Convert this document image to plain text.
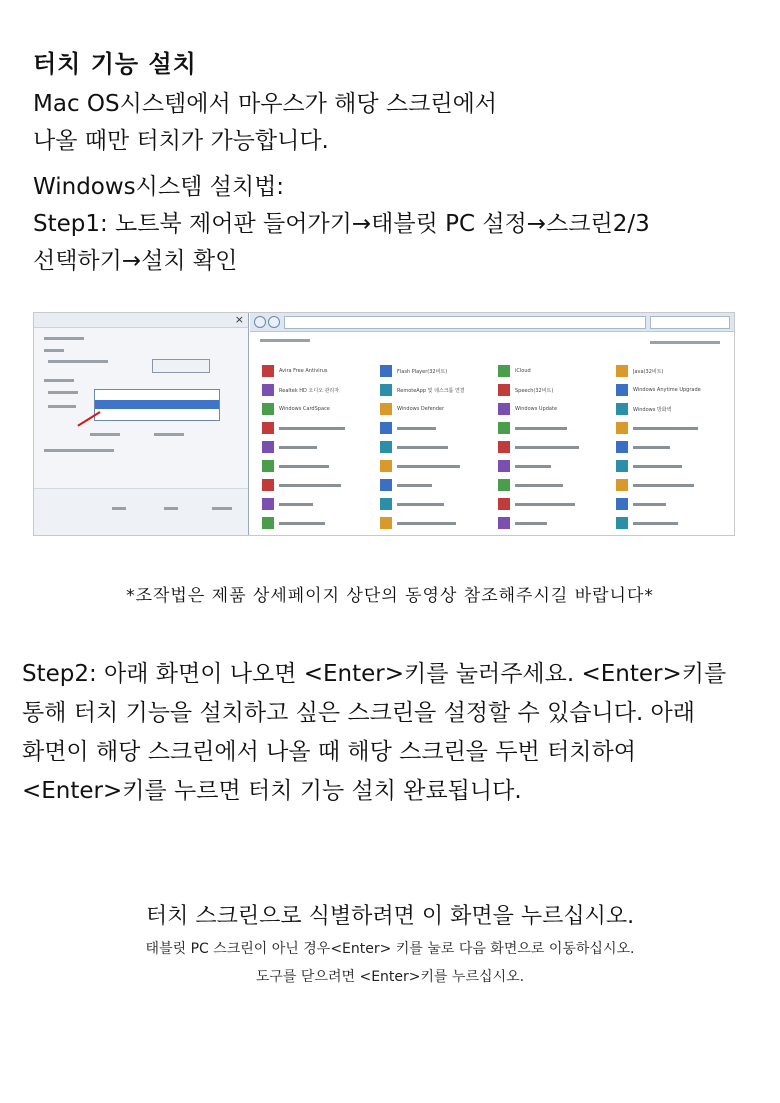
터치 기능 설치
Mac OS시스템에서 마우스가 해당 스크린에서
나올 때만 터치가 가능합니다.
Windows시스템 설치법:
Step1: 노트북 제어판 들어가기→태블릿 PC 설정→스크린2/3
선택하기→설치 확인
×
Avira Free Antivirus	Flash Player(32비트)	iCloud	Java(32비트)
Realtek HD 오디오 관리자	RemoteApp 및 데스크톱 연결	Speech(32비트)	Windows Anytime Upgrade
Windows CardSpace	Windows Defender	Windows Update	Windows 방화벽
*조작법은 제품 상세페이지 상단의 동영상 참조해주시길 바랍니다*
Step2: 아래 화면이 나오면 <Enter>키를 눌러주세요. <Enter>키를
통해 터치 기능을 설치하고 싶은 스크린을 설정할 수 있습니다. 아래
화면이 해당 스크린에서 나올 때 해당 스크린을 두번 터치하여
<Enter>키를 누르면 터치 기능 설치 완료됩니다.
터치 스크린으로 식별하려면 이 화면을 누르십시오.
태블릿 PC 스크린이 아닌 경우<Enter> 키를 눌로 다음 화면으로 이동하십시오.
도구를 닫으려면 <Enter>키를 누르십시오.
